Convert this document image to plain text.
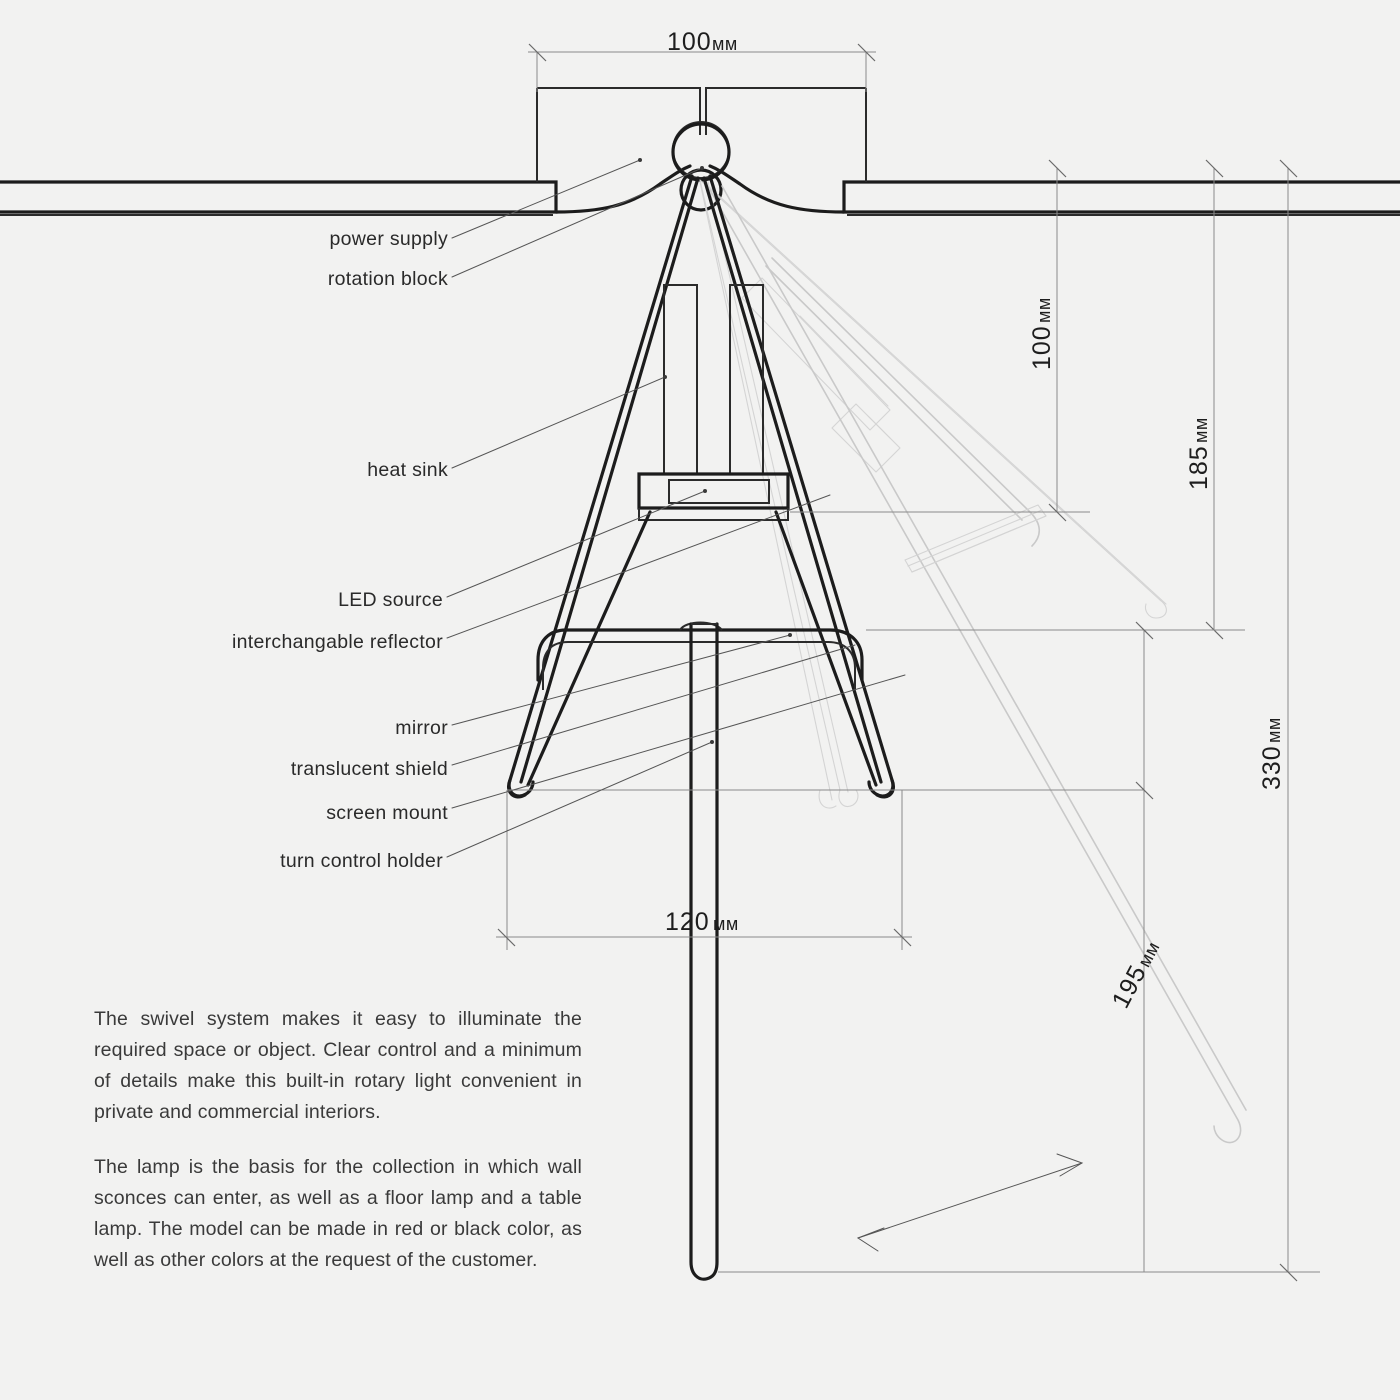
power supply
rotation block
heat sink
LED source
interchangable reflector
mirror
translucent shield
screen mount
turn control holder
100 мм
120 мм
100
мм
185
мм
330
мм
195
мм
The swivel system makes it easy to illuminate the required space or object. Clear control and a minimum of details make this built-in rotary light convenient in private and commercial interiors.
The lamp is the basis for the collection in which wall sconces can enter, as well as a floor lamp and a table lamp. The model can be made in red or black color, as well as other colors at the request of the customer.
